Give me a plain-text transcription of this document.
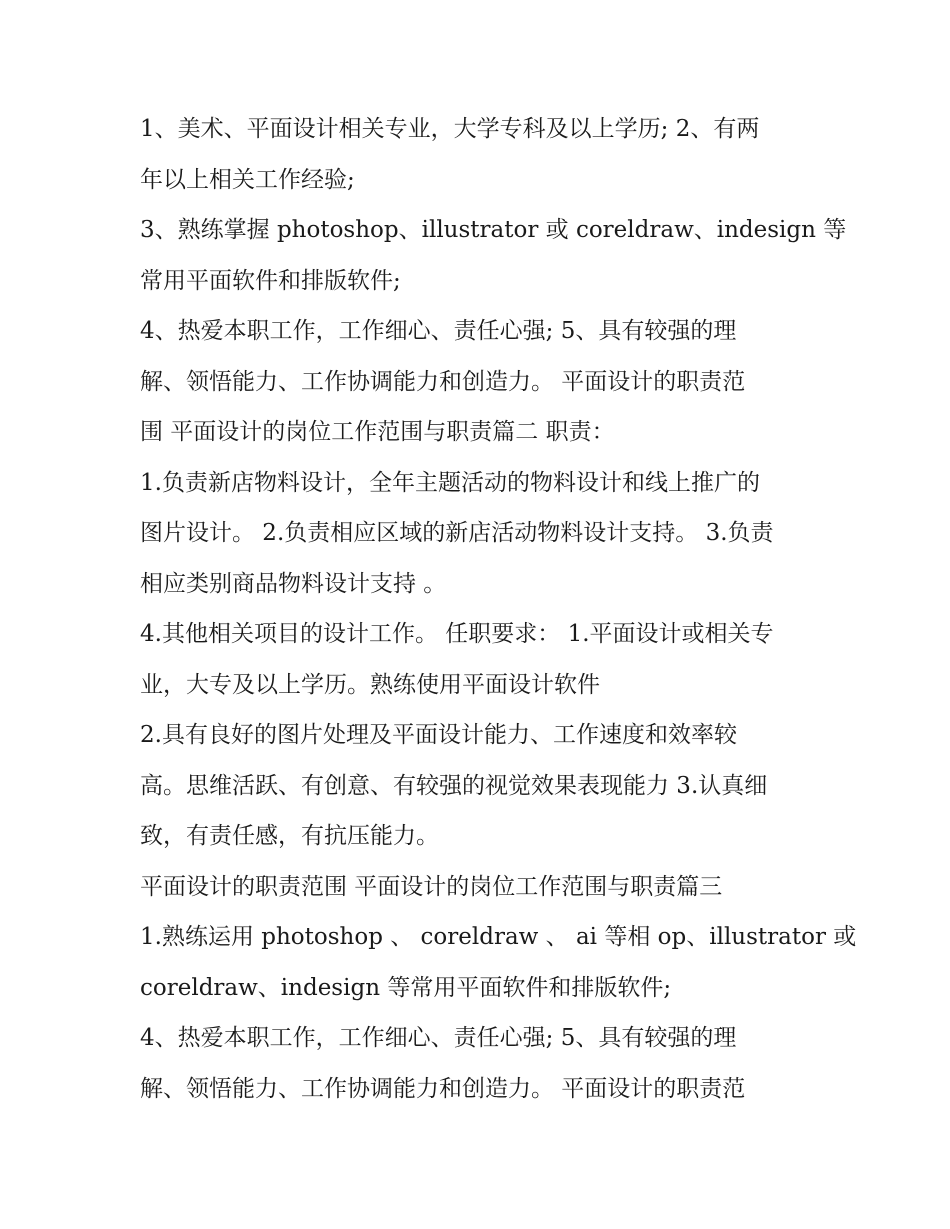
1、美术、平面设计相关专业，大学专科及以上学历; 2、有两

年以上相关工作经验;

3、熟练掌握 photoshop、illustrator 或 coreldraw、indesign 等

常用平面软件和排版软件;

4、热爱本职工作，工作细心、责任心强; 5、具有较强的理

解、领悟能力、工作协调能力和创造力。 平面设计的职责范

围 平面设计的岗位工作范围与职责篇二 职责：

1.负责新店物料设计，全年主题活动的物料设计和线上推广的

图片设计。 2.负责相应区域的新店活动物料设计支持。 3.负责

相应类别商品物料设计支持 。

4.其他相关项目的设计工作。 任职要求： 1.平面设计或相关专

业，大专及以上学历。熟练使用平面设计软件

2.具有良好的图片处理及平面设计能力、工作速度和效率较

高。思维活跃、有创意、有较强的视觉效果表现能力 3.认真细

致，有责任感，有抗压能力。

平面设计的职责范围 平面设计的岗位工作范围与职责篇三

1.熟练运用 photoshop 、 coreldraw 、 ai 等相 op、illustrator 或

coreldraw、indesign 等常用平面软件和排版软件;

4、热爱本职工作，工作细心、责任心强; 5、具有较强的理

解、领悟能力、工作协调能力和创造力。 平面设计的职责范
